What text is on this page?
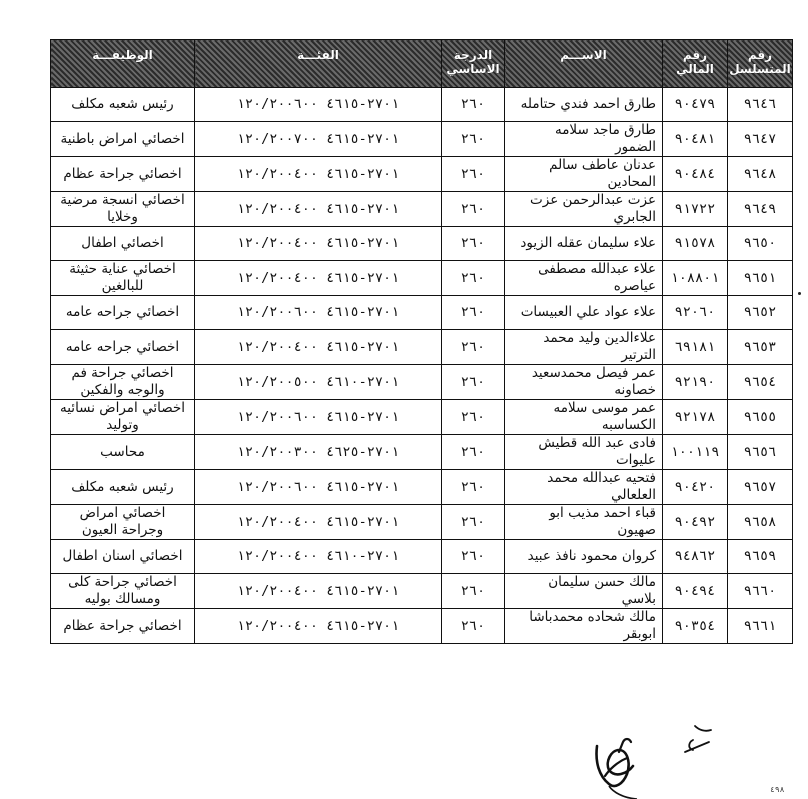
رقم المتسلسل	رقم المالي	الاســـم	الدرجة الاساسي	الفئـــة	الوظيفـــة

٩٦٤٦	٩٠٤٧٩	طارق احمد فندي حتامله	٢٦٠	٢٧٠١-٤٦١٥ ١٢٠/٢٠٠٦٠٠	رئيس شعبه مكلف
٩٦٤٧	٩٠٤٨١	طارق ماجد سلامه الضمور	٢٦٠	٢٧٠١-٤٦١٥ ١٢٠/٢٠٠٧٠٠	اخصائي امراض باطنية
٩٦٤٨	٩٠٤٨٤	عدنان عاطف سالم المحادين	٢٦٠	٢٧٠١-٤٦١٥ ١٢٠/٢٠٠٤٠٠	اخصائي جراحة عظام
٩٦٤٩	٩١٧٢٢	عزت عبدالرحمن عزت الجابري	٢٦٠	٢٧٠١-٤٦١٥ ١٢٠/٢٠٠٤٠٠	اخصائي انسجة مرضية وخلايا
٩٦٥٠	٩١٥٧٨	علاء سليمان عقله الزيود	٢٦٠	٢٧٠١-٤٦١٥ ١٢٠/٢٠٠٤٠٠	اخصائي اطفال
٩٦٥١	١٠٨٨٠١	علاء عبدالله مصطفى عياصره	٢٦٠	٢٧٠١-٤٦١٥ ١٢٠/٢٠٠٤٠٠	اخصائي عناية حثيثة للبالغين
٩٦٥٢	٩٢٠٦٠	علاء عواد علي العبيسات	٢٦٠	٢٧٠١-٤٦١٥ ١٢٠/٢٠٠٦٠٠	اخصائي جراحه عامه
٩٦٥٣	٦٩١٨١	علاءالدين وليد محمد الترتير	٢٦٠	٢٧٠١-٤٦١٥ ١٢٠/٢٠٠٤٠٠	اخصائي جراحه عامه
٩٦٥٤	٩٢١٩٠	عمر فيصل محمدسعيد خصاونه	٢٦٠	٢٧٠١-٤٦١٠ ١٢٠/٢٠٠٥٠٠	اخصائي جراحة فم والوجه والفكين
٩٦٥٥	٩٢١٧٨	عمر موسى سلامه الكساسبه	٢٦٠	٢٧٠١-٤٦١٥ ١٢٠/٢٠٠٦٠٠	اخصائي امراض نسائيه وتوليد
٩٦٥٦	١٠٠١١٩	فادى عبد الله قطيش عليوات	٢٦٠	٢٧٠١-٤٦٢٥ ١٢٠/٢٠٠٣٠٠	محاسب
٩٦٥٧	٩٠٤٢٠	فتحيه عبدالله محمد العلعالي	٢٦٠	٢٧٠١-٤٦١٥ ١٢٠/٢٠٠٦٠٠	رئيس شعبه مكلف
٩٦٥٨	٩٠٤٩٢	قباء احمد مذيب ابو صهيون	٢٦٠	٢٧٠١-٤٦١٥ ١٢٠/٢٠٠٤٠٠	اخصائي امراض وجراحة العيون
٩٦٥٩	٩٤٨٦٢	كروان محمود نافذ عبيد	٢٦٠	٢٧٠١-٤٦١٠ ١٢٠/٢٠٠٤٠٠	اخصائي اسنان اطفال
٩٦٦٠	٩٠٤٩٤	مالك حسن سليمان بلاسي	٢٦٠	٢٧٠١-٤٦١٥ ١٢٠/٢٠٠٤٠٠	اخصائي جراحة كلى ومسالك بوليه
٩٦٦١	٩٠٣٥٤	مالك شحاده محمدباشا ابوبقر	٢٦٠	٢٧٠١-٤٦١٥ ١٢٠/٢٠٠٤٠٠	اخصائي جراحة عظام
٤٩٨
